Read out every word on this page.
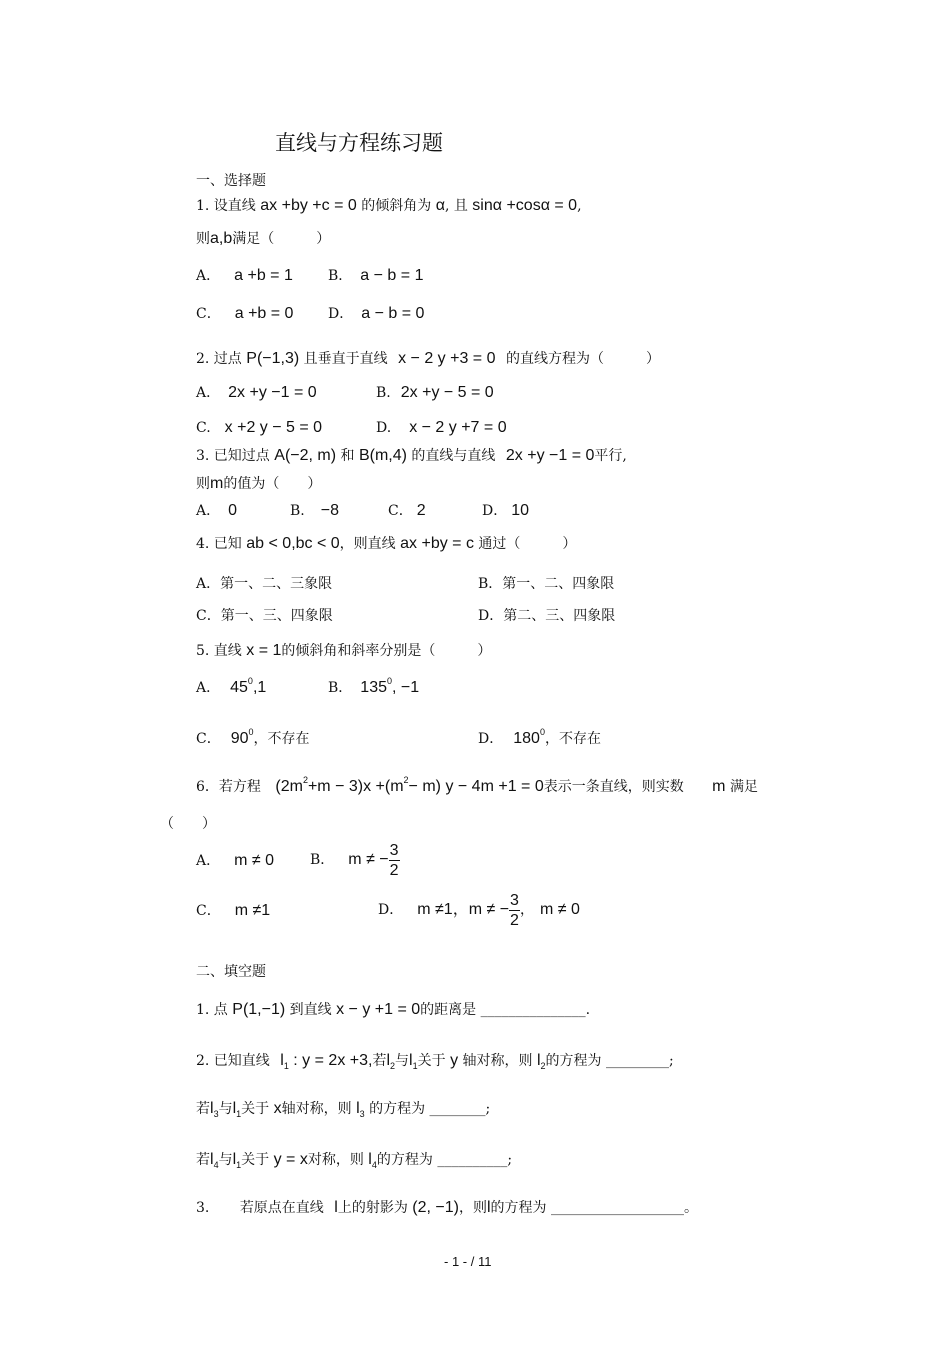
直线与方程练习题
一、选择题
1. 设直线 ax +by +c = 0 的倾斜角为 α, 且 sinα +cosα = 0,
则a,b满足（　　　）
A． a +b = 1	B． a − b = 1
C． a +b = 0 D． a − b = 0
2. 过点 P(−1,3) 且垂直于直线 x − 2 y +3 = 0 的直线方程为（　　　）
A． 2x +y −1 = 0	B. 2x +y − 5 = 0
C. x +2 y − 5 = 0	D. x − 2 y +7 = 0
3. 已知过点 A(−2, m) 和 B(m,4) 的直线与直线 2x +y −1 = 0平行,
则m的值为（　　）
A． 0	B. −8	C． 2	D． 10
4. 已知 ab < 0,bc < 0，则直线 ax +by = c 通过（　　　）
A．第一、二、三象限	B．第一、二、四象限
C．第一、三、四象限	D．第二、三、四象限
5. 直线 x = 1的倾斜角和斜率分别是（　　　）
A． $45^0,1$	B． $135^0$, −1
C． $90^0$，不存在	D． $180^0$，不存在
6．若方程 $(2m^2+m - 3)x +(m^2- m) y - 4m +1 = 0$表示一条直线，则实数 m 满足
（　　）
A． m ≠ 0	B． m ≠ − $\frac{3}{2}$
C． m ≠1	D． m ≠1，m ≠ − $\frac{3}{2}$ ， m ≠ 0
二、填空题
1. 点 P(1,−1) 到直线 x − y +1 = 0的距离是 _______________.
2. 已知直线 $l_1$ : y = 2x +3,若$l_2$与$l_1$关于 y 轴对称，则 $l_2$的方程为 _________;
若$l_3$与$l_1$关于 x轴对称，则 $l_3$ 的方程为 ________;
若$l_4$与$l_1$关于 y = x对称，则 $l_4$的方程为 __________;
3. 若原点在直线 l上的射影为 (2, −1)，则l的方程为 ___________________。
- 1 - / 11
